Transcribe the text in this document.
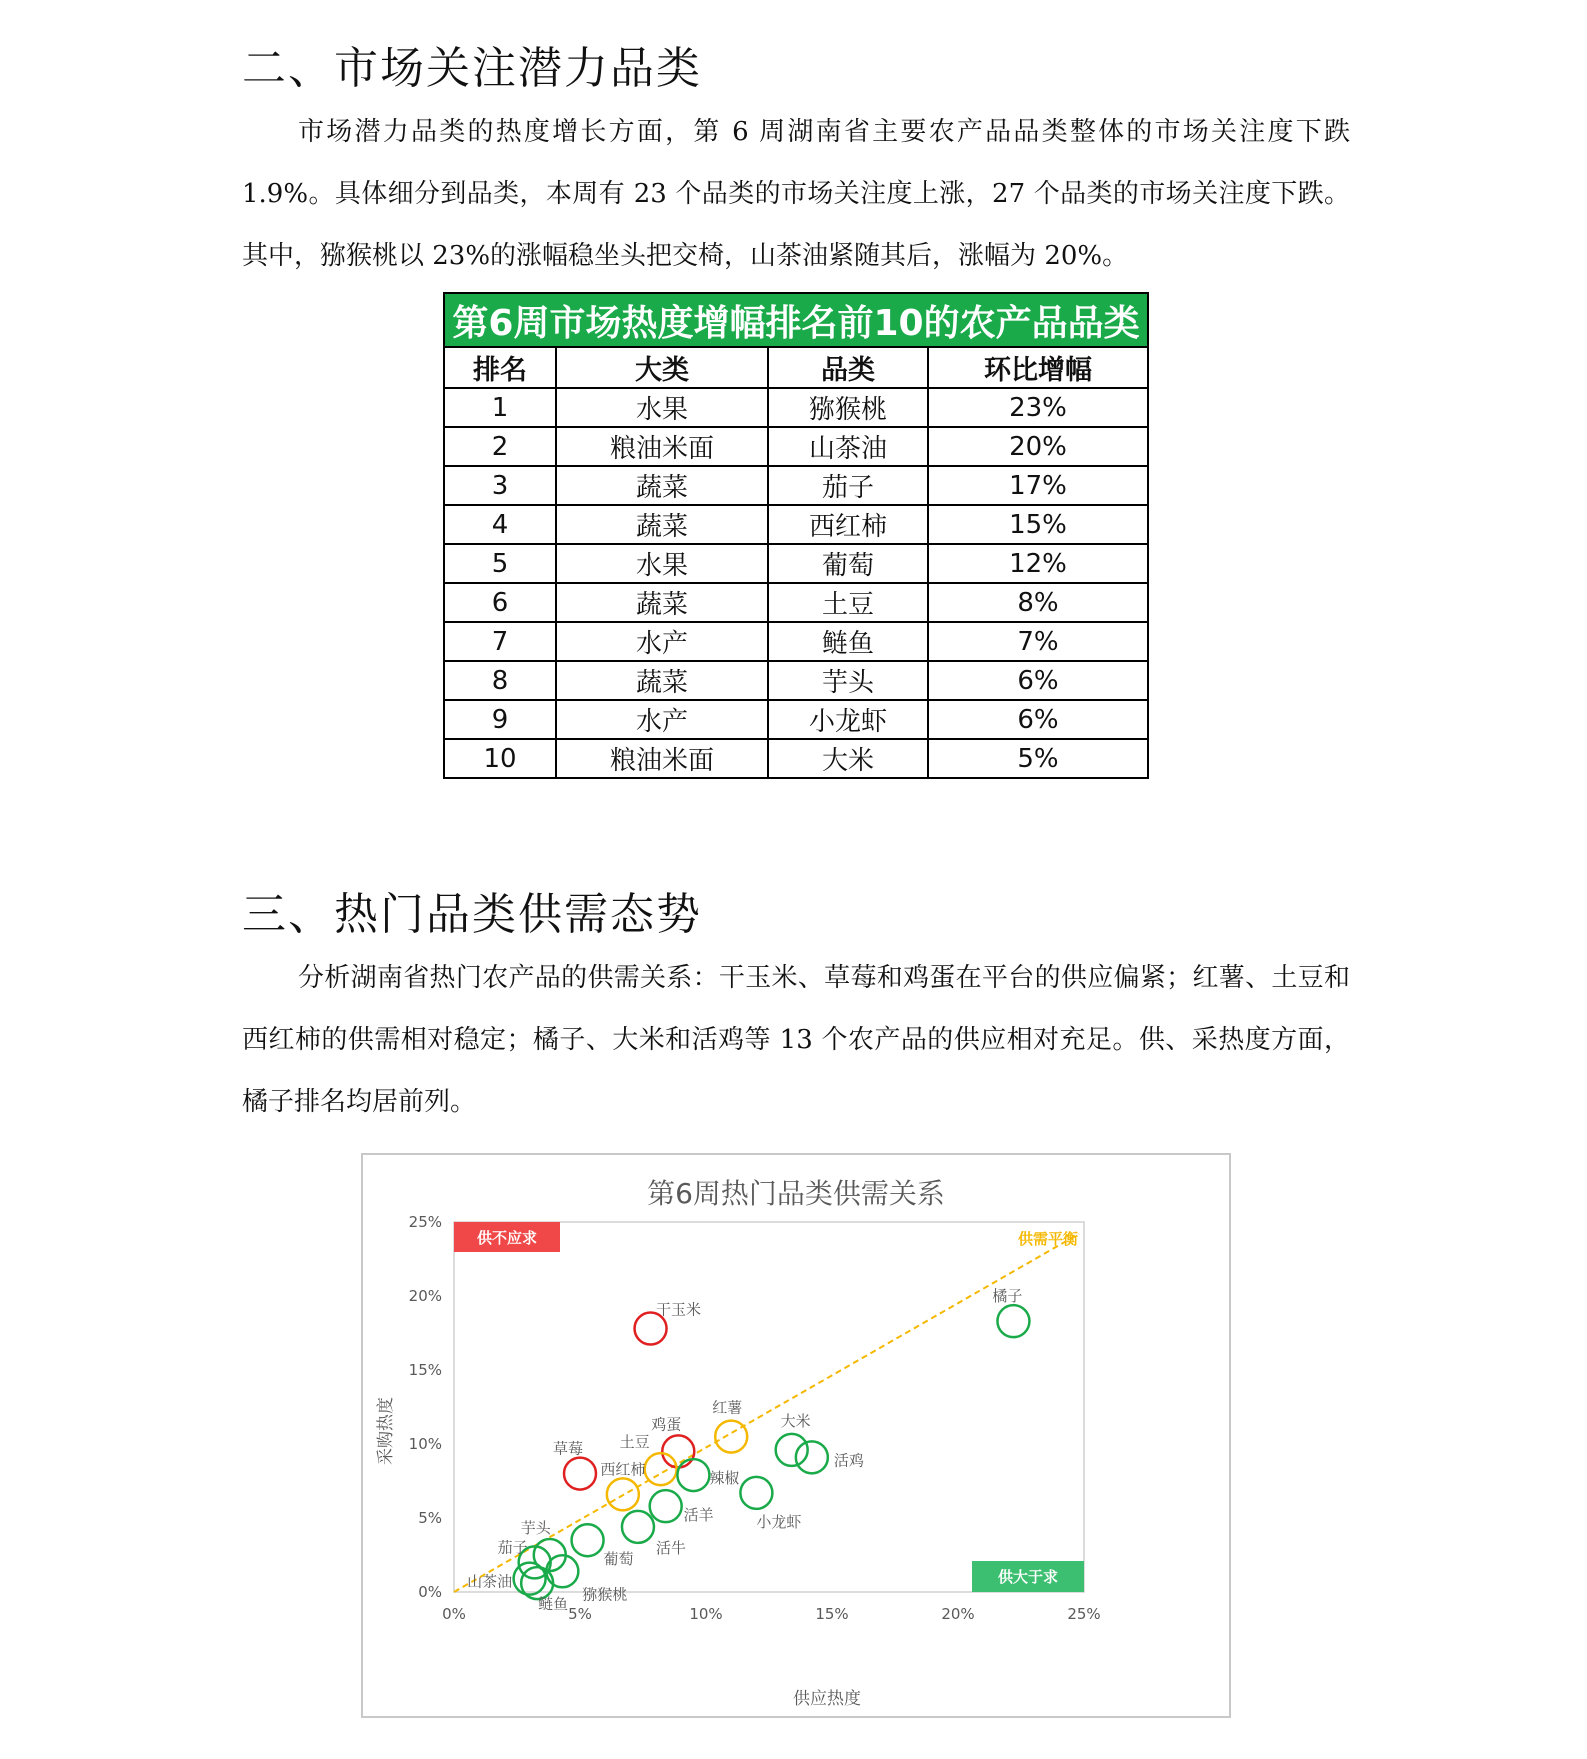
二、市场关注潜力品类

市场潜力品类的热度增长方面，第 6 周湖南省主要农产品品类整体的市场关注度下跌 1.9%。具体细分到品类，本周有 23 个品类的市场关注度上涨，27 个品类的市场关注度下跌。其中，猕猴桃以 23%的涨幅稳坐头把交椅，山茶油紧随其后，涨幅为 20%。

第6周市场热度增幅排名前10的农产品品类			
排名	大类	品类	环比增幅
1	水果	猕猴桃	23%
2	粮油米面	山茶油	20%
3	蔬菜	茄子	17%
4	蔬菜	西红柿	15%
5	水果	葡萄	12%
6	蔬菜	土豆	8%
7	水产	鲢鱼	7%
8	蔬菜	芋头	6%
9	水产	小龙虾	6%
10	粮油米面	大米	5%
三、热门品类供需态势

分析湖南省热门农产品的供需关系：干玉米、草莓和鸡蛋在平台的供应偏紧；红薯、土豆和西红柿的供需相对稳定；橘子、大米和活鸡等 13 个农产品的供应相对充足。供、采热度方面，橘子排名均居前列。

第6周热门品类供需关系
0%	5%	10%	15%	20%	25%
0%
5%
10%
15%
20%
25%
供需平衡
供不应求
供大于求
干玉米
草莓
鸡蛋
红薯
土豆
西红柿
橘子
大米
活鸡
辣椒
小龙虾
活羊
活牛
葡萄
芋头
茄子
猕猴桃
山茶油
鲢鱼
供应热度
采购热度
